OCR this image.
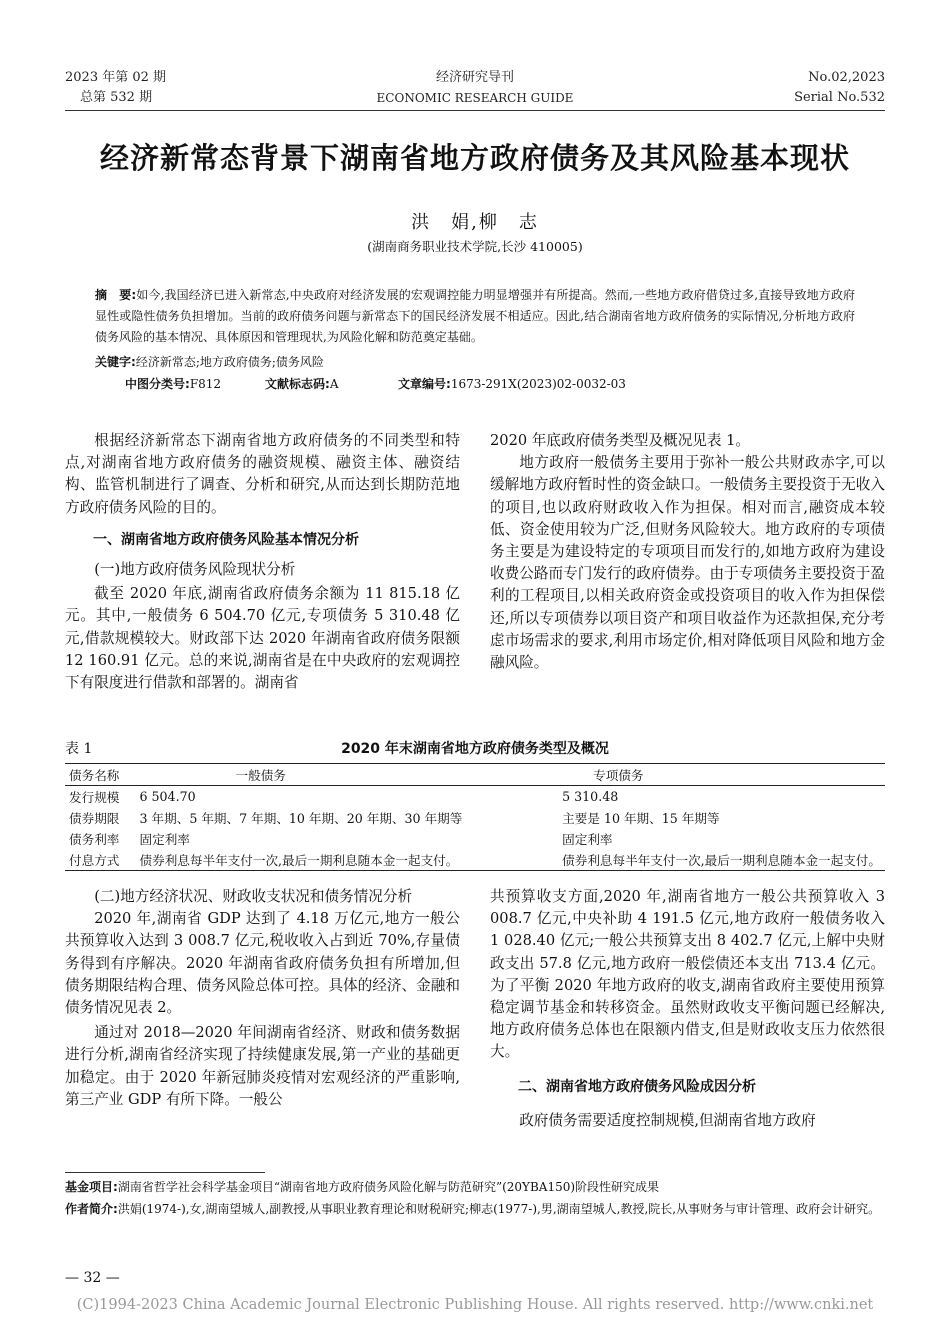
2023 年第 02 期
总第 532 期
经济研究导刊
ECONOMIC RESEARCH GUIDE
No.02,2023
Serial No.532
经济新常态背景下湖南省地方政府债务及其风险基本现状
洪　娟,柳　志
(湖南商务职业技术学院,长沙 410005)
摘　要:如今,我国经济已进入新常态,中央政府对经济发展的宏观调控能力明显增强并有所提高。然而,一些地方政府借贷过多,直接导致地方政府显性或隐性债务负担增加。当前的政府债务问题与新常态下的国民经济发展不相适应。因此,结合湖南省地方政府债务的实际情况,分析地方政府债务风险的基本情况、具体原因和管理现状,为风险化解和防范奠定基础。
关键字:经济新常态;地方政府债务;债务风险
中图分类号:F812	文献标志码:A	文章编号:1673-291X(2023)02-0032-03

根据经济新常态下湖南省地方政府债务的不同类型和特点,对湖南省地方政府债务的融资规模、融资主体、融资结构、监管机制进行了调查、分析和研究,从而达到长期防范地方政府债务风险的目的。

一、湖南省地方政府债务风险基本情况分析

(一)地方政府债务风险现状分析

截至 2020 年底,湖南省政府债务余额为 11 815.18 亿元。其中,一般债务 6 504.70 亿元,专项债务 5 310.48 亿元,借款规模较大。财政部下达 2020 年湖南省政府债务限额 12 160.91 亿元。总的来说,湖南省是在中央政府的宏观调控下有限度进行借款和部署的。湖南省

2020 年底政府债务类型及概况见表 1。

地方政府一般债务主要用于弥补一般公共财政赤字,可以缓解地方政府暂时性的资金缺口。一般债务主要投资于无收入的项目,也以政府财政收入作为担保。相对而言,融资成本较低、资金使用较为广泛,但财务风险较大。地方政府的专项债务主要是为建设特定的专项项目而发行的,如地方政府为建设收费公路而专门发行的政府债券。由于专项债务主要投资于盈利的工程项目,以相关政府资金或投资项目的收入作为担保偿还,所以专项债券以项目资产和项目收益作为还款担保,充分考虑市场需求的要求,利用市场定价,相对降低项目风险和地方金融风险。

表 1	2020 年末湖南省地方政府债务类型及概况
债务名称	一般债务	专项债务
发行规模	6 504.70	5 310.48
债券期限	3 年期、5 年期、7 年期、10 年期、20 年期、30 年期等	主要是 10 年期、15 年期等
债务利率	固定利率	固定利率
付息方式	债券利息每半年支付一次,最后一期利息随本金一起支付。	债券利息每半年支付一次,最后一期利息随本金一起支付。

(二)地方经济状况、财政收支状况和债务情况分析

2020 年,湖南省 GDP 达到了 4.18 万亿元,地方一般公共预算收入达到 3 008.7 亿元,税收收入占到近 70%,存量债务得到有序解决。2020 年湖南省政府债务负担有所增加,但债务期限结构合理、债务风险总体可控。具体的经济、金融和债务情况见表 2。

通过对 2018—2020 年间湖南省经济、财政和债务数据进行分析,湖南省经济实现了持续健康发展,第一产业的基础更加稳定。由于 2020 年新冠肺炎疫情对宏观经济的严重影响,第三产业 GDP 有所下降。一般公

共预算收支方面,2020 年,湖南省地方一般公共预算收入 3 008.7 亿元,中央补助 4 191.5 亿元,地方政府一般债务收入 1 028.40 亿元;一般公共预算支出 8 402.7 亿元,上解中央财政支出 57.8 亿元,地方政府一般偿债还本支出 713.4 亿元。为了平衡 2020 年地方政府的收支,湖南省政府主要使用预算稳定调节基金和转移资金。虽然财政收支平衡问题已经解决,地方政府债务总体也在限额内借支,但是财政收支压力依然很大。

二、湖南省地方政府债务风险成因分析

政府债务需要适度控制规模,但湖南省地方政府

基金项目:湖南省哲学社会科学基金项目“湖南省地方政府债务风险化解与防范研究”(20YBA150)阶段性研究成果
作者简介:洪娟(1974-),女,湖南望城人,副教授,从事职业教育理论和财税研究;柳志(1977-),男,湖南望城人,教授,院长,从事财务与审计管理、政府会计研究。
— 32 —
(C)1994-2023 China Academic Journal Electronic Publishing House. All rights reserved. http://www.cnki.net
